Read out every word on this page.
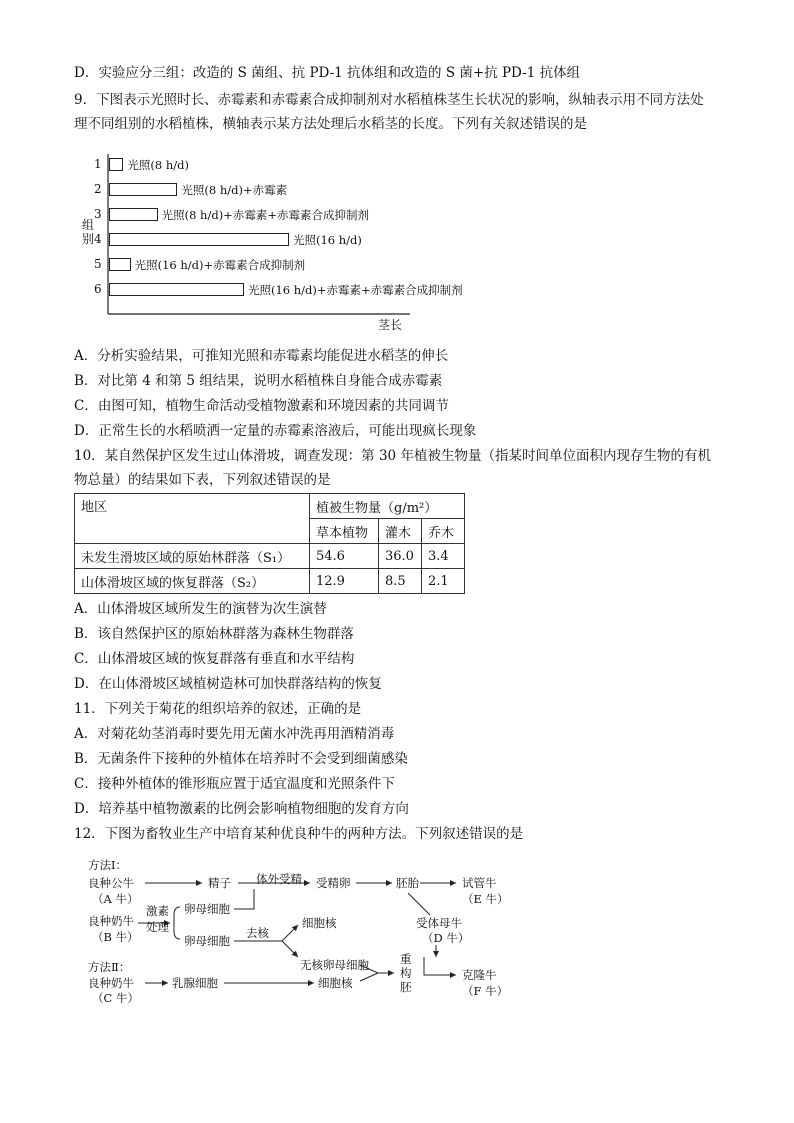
D．实验应分三组：改造的 S 菌组、抗 PD-1 抗体组和改造的 S 菌+抗 PD-1 抗体组
9．下图表示光照时长、赤霉素和赤霉素合成抑制剂对水稻植株茎生长状况的影响，纵轴表示用不同方法处
理不同组别的水稻植株，横轴表示某方法处理后水稻茎的长度。下列有关叙述错误的是
组别
茎长
1 光照(8 h/d)
2	光照(8 h/d)+赤霉素
3	光照(8 h/d)+赤霉素+赤霉素合成抑制剂
4	光照(16 h/d)
5	光照(16 h/d)+赤霉素合成抑制剂
6	光照(16 h/d)+赤霉素+赤霉素合成抑制剂
A．分析实验结果，可推知光照和赤霉素均能促进水稻茎的伸长
B．对比第 4 和第 5 组结果，说明水稻植株自身能合成赤霉素
C．由图可知，植物生命活动受植物激素和环境因素的共同调节
D．正常生长的水稻喷洒一定量的赤霉素溶液后，可能出现疯长现象
10．某自然保护区发生过山体滑坡，调查发现：第 30 年植被生物量（指某时间单位面积内现存生物的有机
物总量）的结果如下表，下列叙述错误的是
地区	植被生物量（g/m²）		
	草本植物	灌木	乔木
未发生滑坡区域的原始林群落（S₁）	54.6	36.0	3.4
山体滑坡区域的恢复群落（S₂）	12.9	8.5	2.1
A．山体滑坡区域所发生的演替为次生演替
B．该自然保护区的原始林群落为森林生物群落
C．山体滑坡区域的恢复群落有垂直和水平结构
D．在山体滑坡区域植树造林可加快群落结构的恢复
11．下列关于菊花的组织培养的叙述，正确的是
A．对菊花幼茎消毒时要先用无菌水冲洗再用酒精消毒
B．无菌条件下接种的外植体在培养时不会受到细菌感染
C．接种外植体的锥形瓶应置于适宜温度和光照条件下
D．培养基中植物激素的比例会影响植物细胞的发育方向
12．下图为畜牧业生产中培育某种优良种牛的两种方法。下列叙述错误的是
方法Ⅰ：
良种公牛
（A 牛）
精子 体外受精 受精卵	胚胎	试管牛
（E 牛）
良种奶牛
（B 牛）
激素
处理
卵母细胞
卵母细胞
去核
细胞核	受体母牛
（D 牛）
无核卵母细胞
方法Ⅱ：
重
构
胚
克隆牛
（F 牛）
良种奶牛
（C 牛）
乳腺细胞	细胞核
